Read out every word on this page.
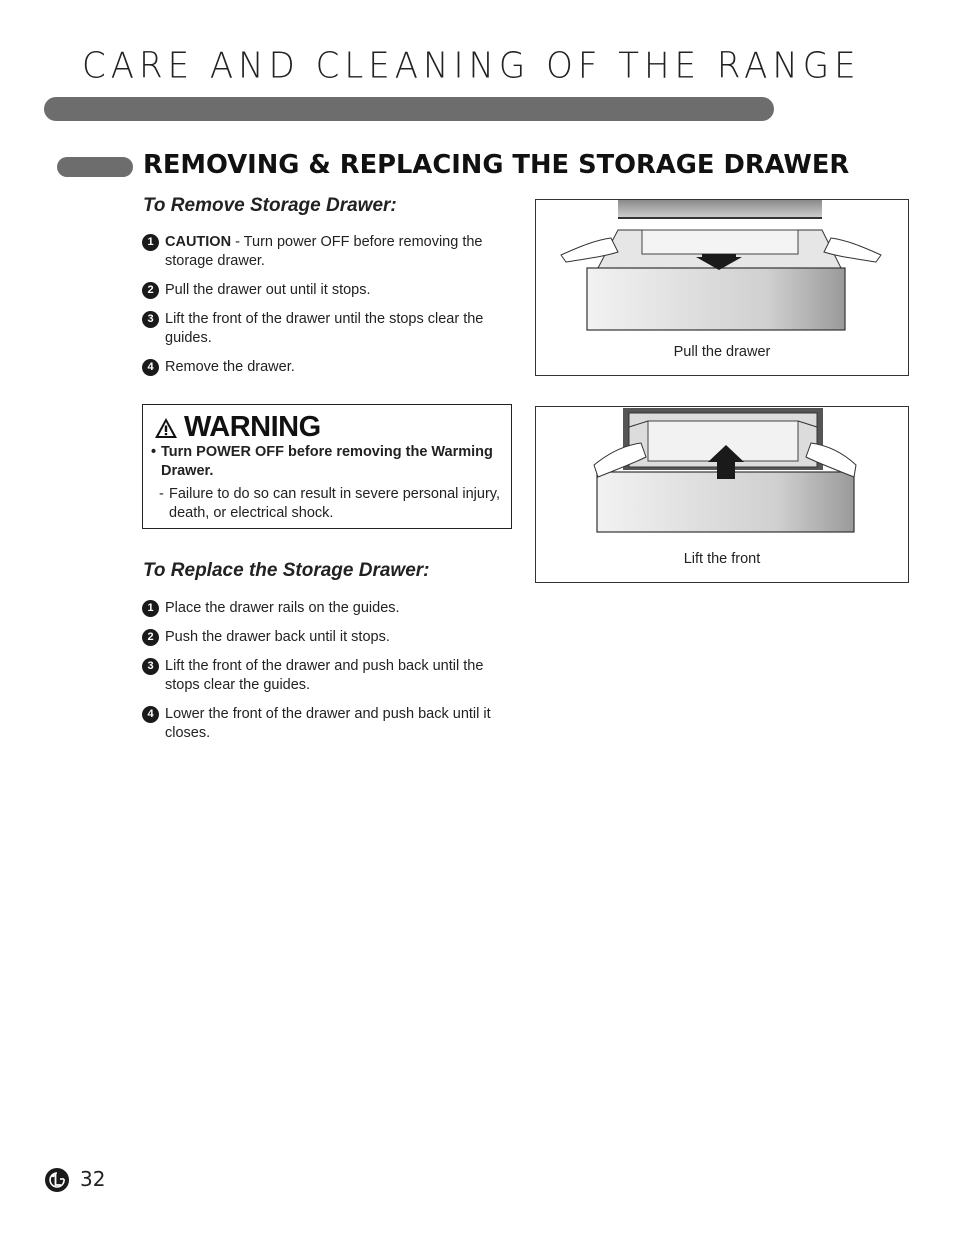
CARE AND CLEANING OF THE RANGE
REMOVING & REPLACING THE STORAGE DRAWER
To Remove Storage Drawer:
1 CAUTION - Turn power OFF before removing the storage drawer.
2 Pull the drawer out until it stops.
3 Lift the front of the drawer until the stops clear the guides.
4 Remove the drawer.
WARNING
• Turn POWER OFF before removing the Warming Drawer.
- Failure to do so can result in severe personal injury, death, or electrical shock.
To Replace the Storage Drawer:
1 Place the drawer rails on the guides.
2 Push the drawer back until it stops.
3 Lift the front of the drawer and push back until the stops clear the guides.
4 Lower the front of the drawer and push back until it closes.
Pull the drawer
Lift the front
32
